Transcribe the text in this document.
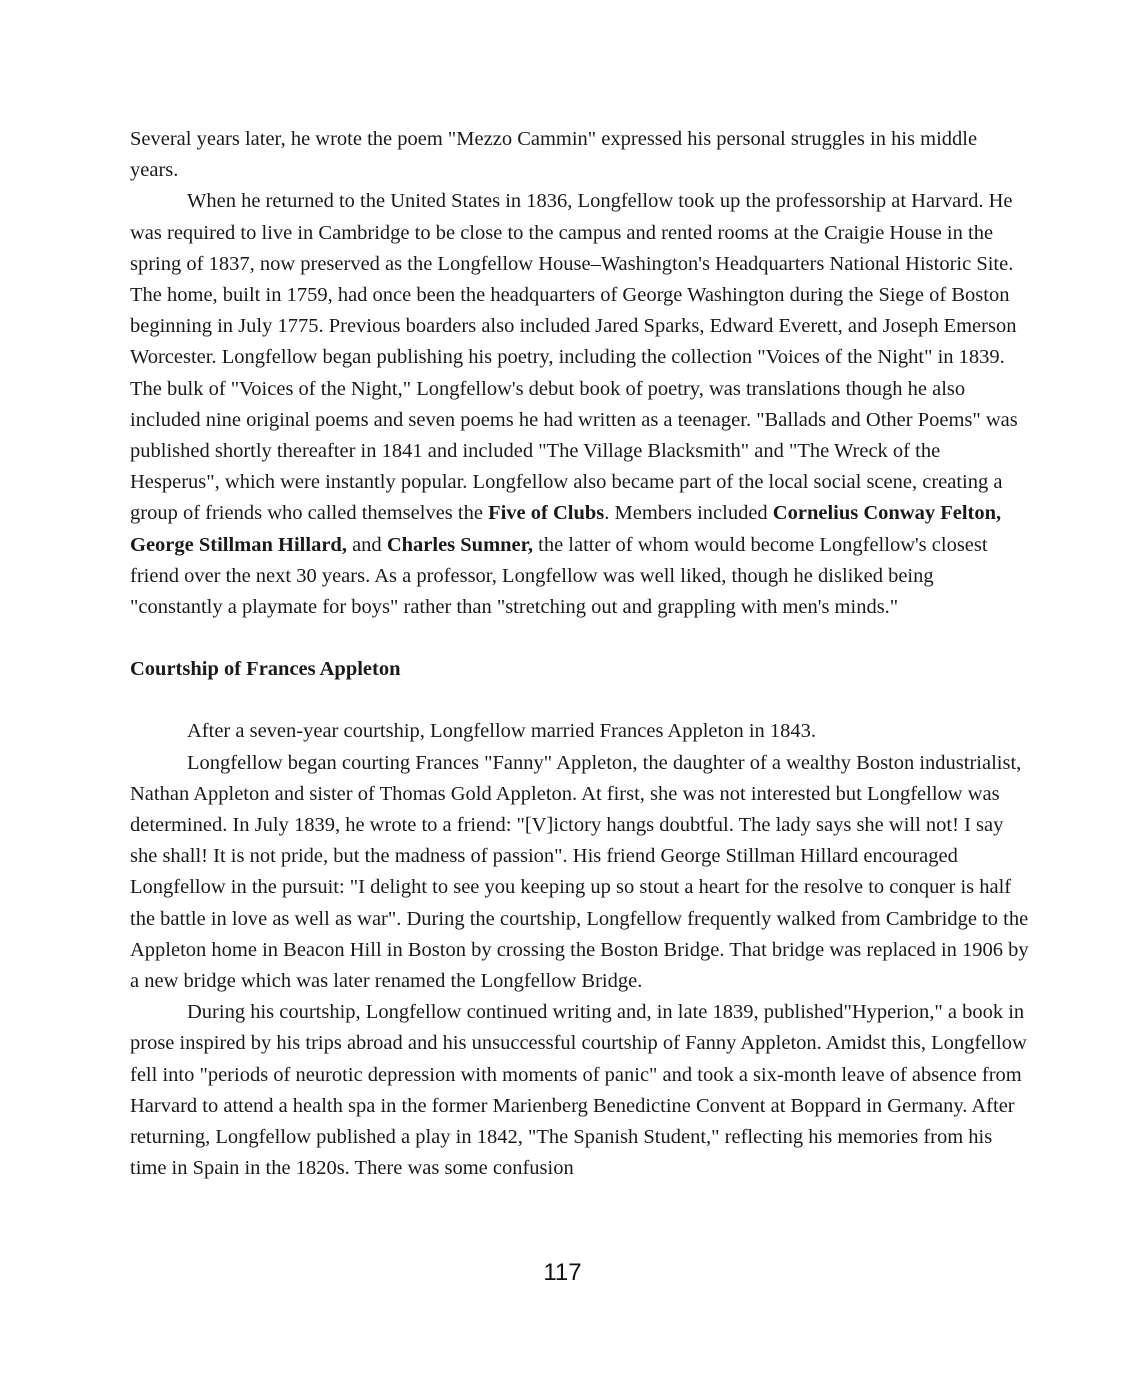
Several years later, he wrote the poem "Mezzo Cammin" expressed his personal struggles in his middle years.

When he returned to the United States in 1836, Longfellow took up the professorship at Harvard. He was required to live in Cambridge to be close to the campus and rented rooms at the Craigie House in the spring of 1837, now preserved as the Longfellow House–Washington's Headquarters National Historic Site. The home, built in 1759, had once been the headquarters of George Washington during the Siege of Boston beginning in July 1775. Previous boarders also included Jared Sparks, Edward Everett, and Joseph Emerson Worcester. Longfellow began publishing his poetry, including the collection "Voices of the Night" in 1839. The bulk of "Voices of the Night," Longfellow's debut book of poetry, was translations though he also included nine original poems and seven poems he had written as a teenager. "Ballads and Other Poems" was published shortly thereafter in 1841 and included "The Village Blacksmith" and "The Wreck of the Hesperus", which were instantly popular. Longfellow also became part of the local social scene, creating a group of friends who called themselves the Five of Clubs. Members included Cornelius Conway Felton, George Stillman Hillard, and Charles Sumner, the latter of whom would become Longfellow's closest friend over the next 30 years. As a professor, Longfellow was well liked, though he disliked being "constantly a playmate for boys" rather than "stretching out and grappling with men's minds."

Courtship of Frances Appleton

After a seven-year courtship, Longfellow married Frances Appleton in 1843.

Longfellow began courting Frances "Fanny" Appleton, the daughter of a wealthy Boston industrialist, Nathan Appleton and sister of Thomas Gold Appleton. At first, she was not interested but Longfellow was determined. In July 1839, he wrote to a friend: "[V]ictory hangs doubtful. The lady says she will not! I say she shall! It is not pride, but the madness of passion". His friend George Stillman Hillard encouraged Longfellow in the pursuit: "I delight to see you keeping up so stout a heart for the resolve to conquer is half the battle in love as well as war". During the courtship, Longfellow frequently walked from Cambridge to the Appleton home in Beacon Hill in Boston by crossing the Boston Bridge. That bridge was replaced in 1906 by a new bridge which was later renamed the Longfellow Bridge.

During his courtship, Longfellow continued writing and, in late 1839, published"Hyperion," a book in prose inspired by his trips abroad and his unsuccessful courtship of Fanny Appleton. Amidst this, Longfellow fell into "periods of neurotic depression with moments of panic" and took a six-month leave of absence from Harvard to attend a health spa in the former Marienberg Benedictine Convent at Boppard in Germany. After returning, Longfellow published a play in 1842, "The Spanish Student," reflecting his memories from his time in Spain in the 1820s. There was some confusion

117
